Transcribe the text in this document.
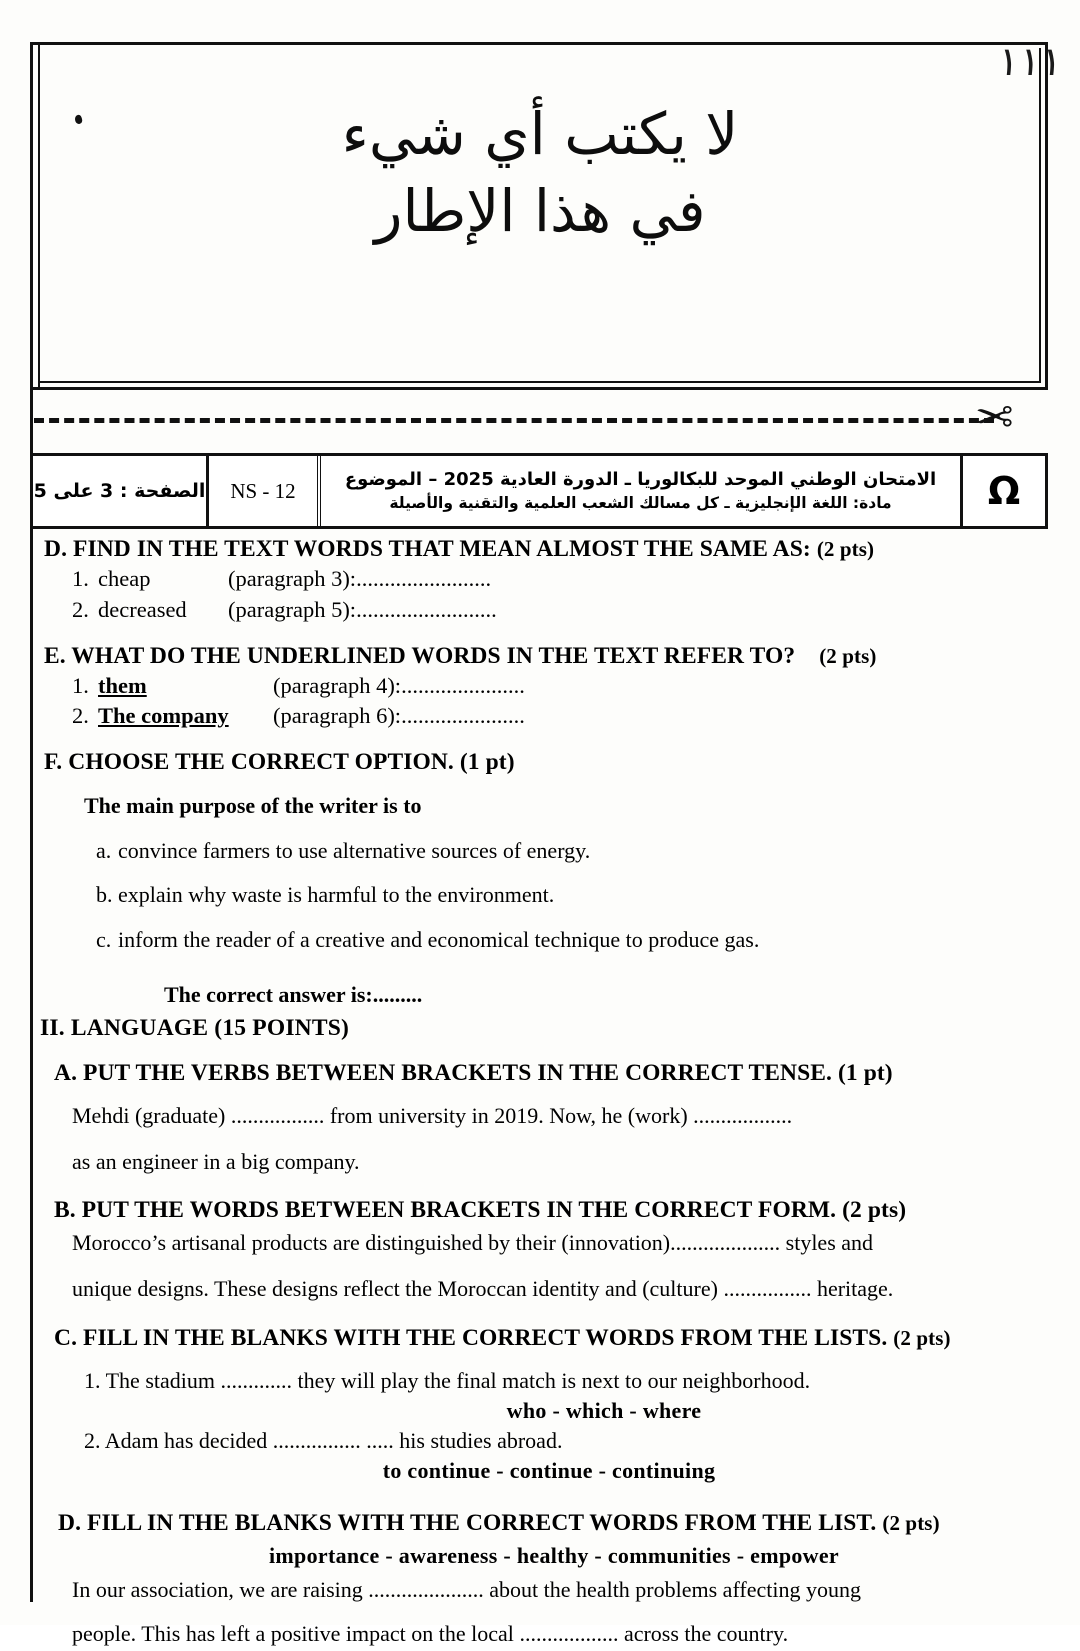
١١١
لا يكتب أي شيء
في هذا الإطار
✂
الصفحة : 3 على 5	NS - 12	الامتحان الوطني الموحد للبكالوريا ـ الدورة العادية 2025 – الموضوع
مادة: اللغة الإنجليزية ـ كل مسالك الشعب العلمية والتقنية والأصيلة	Ω
D. FIND IN THE TEXT WORDS THAT MEAN ALMOST THE SAME AS: (2 pts)
1. cheap	(paragraph 3):........................
2. decreased (paragraph 5):.........................
E. WHAT DO THE UNDERLINED WORDS IN THE TEXT REFER TO? (2 pts)
1. them	(paragraph 4):......................
2. The company (paragraph 6):......................
F. CHOOSE THE CORRECT OPTION. (1 pt)
The main purpose of the writer is to
a. convince farmers to use alternative sources of energy.
b. explain why waste is harmful to the environment.
c. inform the reader of a creative and economical technique to produce gas.
The correct answer is:.........
II. LANGUAGE (15 POINTS)
A. PUT THE VERBS BETWEEN BRACKETS IN THE CORRECT TENSE. (1 pt)
Mehdi (graduate) ................. from university in 2019. Now, he (work) ..................
as an engineer in a big company.
B. PUT THE WORDS BETWEEN BRACKETS IN THE CORRECT FORM. (2 pts)
Morocco’s artisanal products are distinguished by their (innovation).................... styles and
unique designs. These designs reflect the Moroccan identity and (culture) ................ heritage.
C. FILL IN THE BLANKS WITH THE CORRECT WORDS FROM THE LISTS. (2 pts)
1. The stadium ............. they will play the final match is next to our neighborhood.
who - which - where
2. Adam has decided ................ ..... his studies abroad.
to continue - continue - continuing
D. FILL IN THE BLANKS WITH THE CORRECT WORDS FROM THE LIST. (2 pts)
importance - awareness - healthy - communities - empower
In our association, we are raising ..................... about the health problems affecting young
people. This has left a positive impact on the local .................. across the country.
